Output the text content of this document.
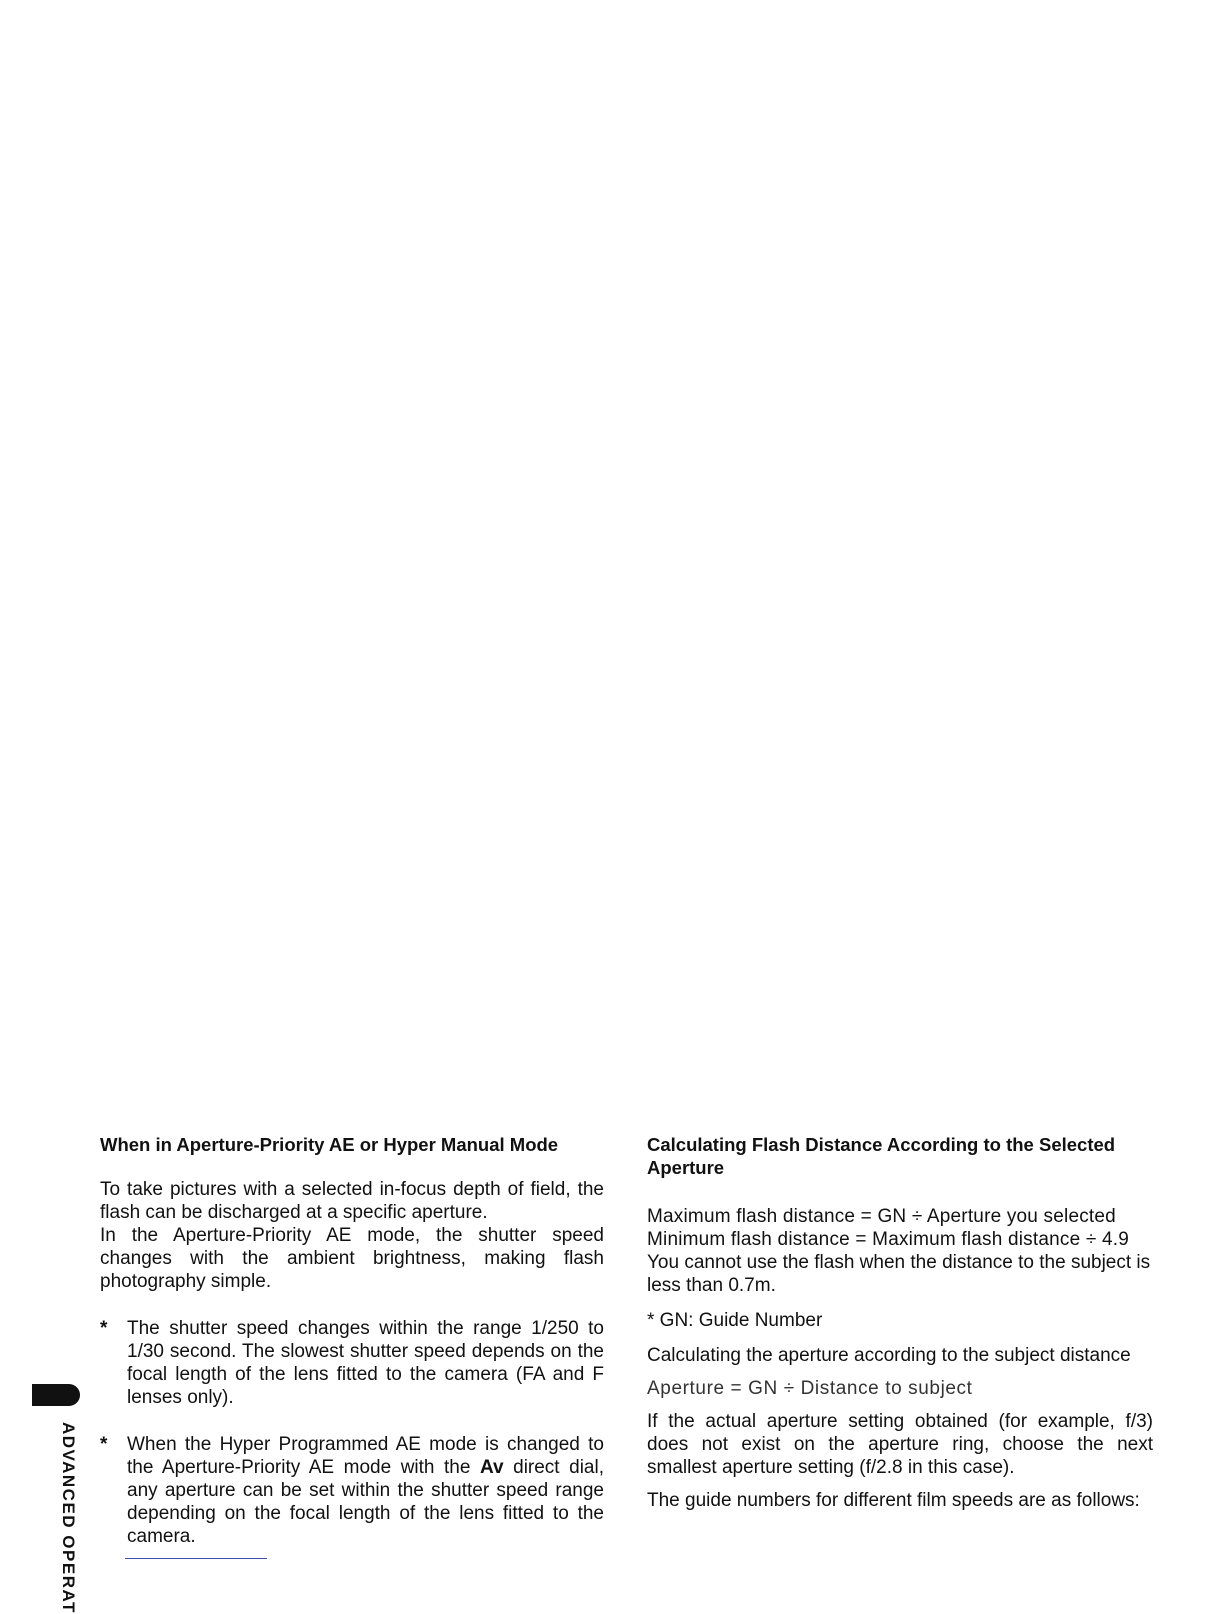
When in Aperture-Priority AE or Hyper Manual Mode

To take pictures with a selected in-focus depth of field, the flash can be discharged at a specific aperture.

In the Aperture-Priority AE mode, the shutter speed changes with the ambient brightness, making flash photography simple.

* The shutter speed changes within the range 1/250 to 1/30 second. The slowest shutter speed depends on the focal length of the lens fitted to the camera (FA and F lenses only).
* When the Hyper Programmed AE mode is changed to the Aperture-Priority AE mode with the Av direct dial, any aperture can be set within the shutter speed range depending on the focal length of the lens fitted to the camera.
Calculating Flash Distance According to the Selected Aperture

Maximum flash distance = GN ÷ Aperture you selected

Minimum flash distance = Maximum flash distance ÷ 4.9

You cannot use the flash when the distance to the subject is less than 0.7m.

* GN: Guide Number

Calculating the aperture according to the subject distance

Aperture = GN ÷ Distance to subject

If the actual aperture setting obtained (for example, f/3) does not exist on the aperture ring, choose the next smallest aperture setting (f/2.8 in this case).

The guide numbers for different film speeds are as follows:

ADVANCED OPERAT
